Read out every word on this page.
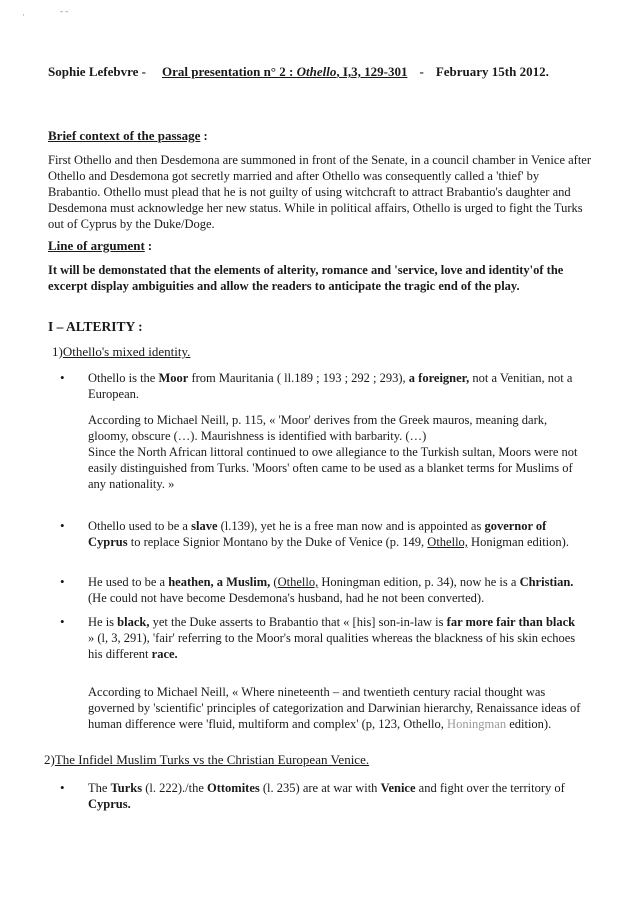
·	- -
Sophie Lefebvre - Oral presentation n° 2 : Othello, I,3, 129-301 - February 15th 2012.
Brief context of the passage :

First Othello and then Desdemona are summoned in front of the Senate, in a council chamber in Venice after Othello and Desdemona got secretly married and after Othello was consequently called a 'thief' by Brabantio. Othello must plead that he is not guilty of using witchcraft to attract Brabantio's daughter and Desdemona must acknowledge her new status. While in political affairs, Othello is urged to fight the Turks out of Cyprus by the Duke/Doge.

Line of argument :

It will be demonstated that the elements of alterity, romance and 'service, love and identity'of the excerpt display ambiguities and allow the readers to anticipate the tragic end of the play.

I – ALTERITY :
1)Othello's mixed identity.
•	Othello is the Moor from Mauritania ( ll.189 ; 193 ; 292 ; 293), a foreigner, not a Venitian, not a European.

According to Michael Neill, p. 115, « 'Moor' derives from the Greek mauros, meaning dark, gloomy, obscure (…). Maurishness is identified with barbarity. (…)

Since the North African littoral continued to owe allegiance to the Turkish sultan, Moors were not easily distinguished from Turks. 'Moors' often came to be used as a blanket terms for Muslims of any nationality. »

•	Othello used to be a slave (l.139), yet he is a free man now and is appointed as governor of Cyprus to replace Signior Montano by the Duke of Venice (p. 149, Othello, Honigman edition).
•	He used to be a heathen, a Muslim, (Othello, Honingman edition, p. 34), now he is a Christian. (He could not have become Desdemona's husband, had he not been converted).
•	He is black, yet the Duke asserts to Brabantio that « [his] son-in-law is far more fair than black » (l, 3, 291), 'fair' referring to the Moor's moral qualities whereas the blackness of his skin echoes his different race.
According to Michael Neill, « Where nineteenth – and twentieth century racial thought was governed by 'scientific' principles of categorization and Darwinian hierarchy, Renaissance ideas of human difference were 'fluid, multiform and complex' (p, 123, Othello, Honingman edition).
2)The Infidel Muslim Turks vs the Christian European Venice.
•	The Turks (l. 222)./the Ottomites (l. 235) are at war with Venice and fight over the territory of Cyprus.
